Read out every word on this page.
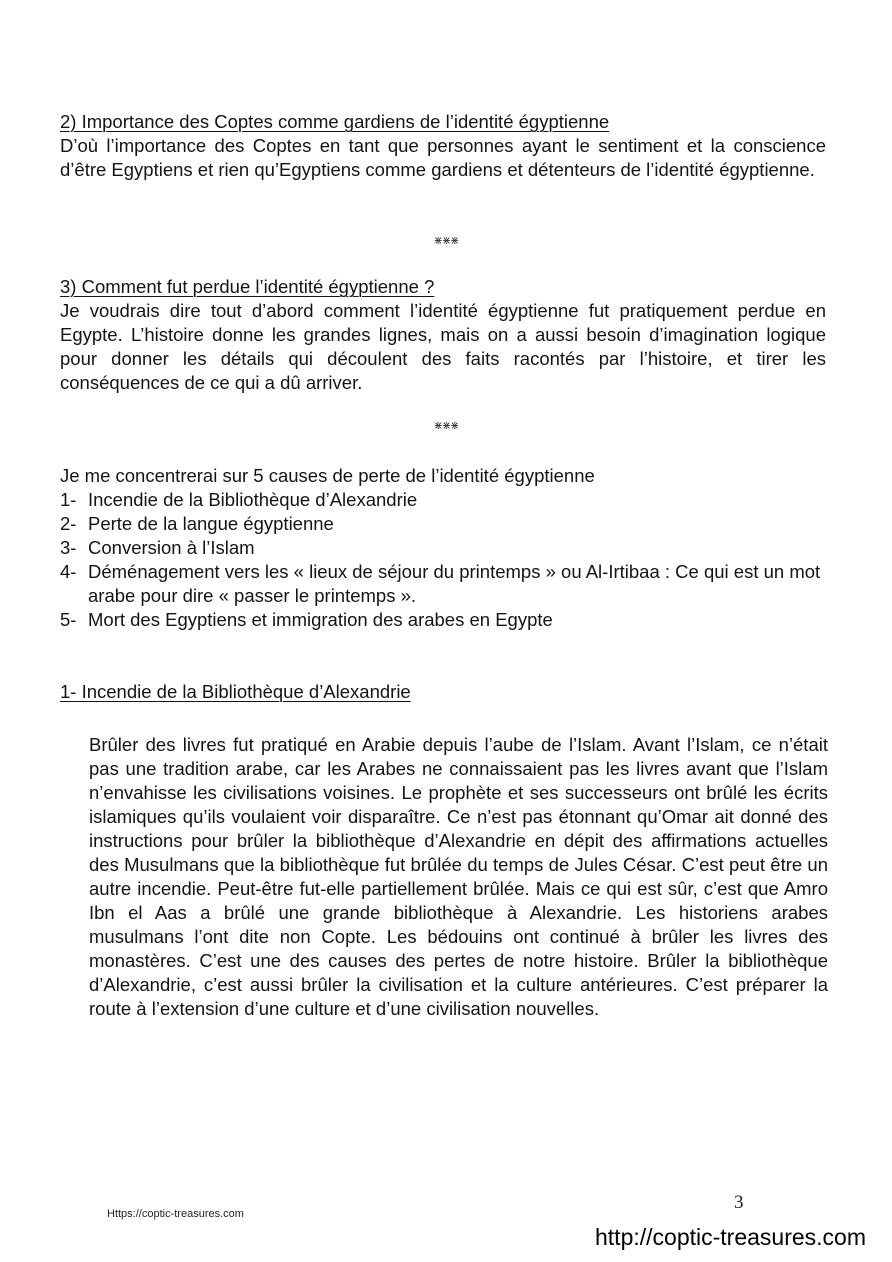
2) Importance des Coptes comme gardiens de l’identité égyptienne

D’où l’importance des Coptes en tant que personnes ayant le sentiment et la conscience d’être Egyptiens et rien qu’Egyptiens comme gardiens et détenteurs de l’identité égyptienne.

⋇⋇⋇
3) Comment fut perdue l’identité égyptienne ?

Je voudrais dire tout d’abord comment l’identité égyptienne fut pratiquement perdue en Egypte. L’histoire donne les grandes lignes, mais on a aussi besoin d’imagination logique pour donner les détails qui découlent des faits racontés par l’histoire, et tirer les conséquences de ce qui a dû arriver.

⋇⋇⋇
Je me concentrerai sur 5 causes de perte de l’identité égyptienne
1- Incendie de la Bibliothèque d’Alexandrie
2- Perte de la langue égyptienne
3- Conversion à l’Islam
4- Déménagement vers les « lieux de séjour du printemps » ou Al-Irtibaa : Ce qui est un mot arabe pour dire « passer le printemps ».
5- Mort des Egyptiens et immigration des arabes en Egypte
1- Incendie de la Bibliothèque d’Alexandrie

Brûler des livres fut pratiqué en Arabie depuis l’aube de l’Islam. Avant l’Islam, ce n’était pas une tradition arabe, car les Arabes ne connaissaient pas les livres avant que l’Islam n’envahisse les civilisations voisines. Le prophète et ses successeurs ont brûlé les écrits islamiques qu’ils voulaient voir disparaître. Ce n’est pas étonnant qu’Omar ait donné des instructions pour brûler la bibliothèque d’Alexandrie en dépit des affirmations actuelles des Musulmans que la bibliothèque fut brûlée du temps de Jules César. C’est peut être un autre incendie. Peut-être fut-elle partiellement brûlée. Mais ce qui est sûr, c’est que Amro Ibn el Aas a brûlé une grande bibliothèque à Alexandrie. Les historiens arabes musulmans l’ont dite non Copte. Les bédouins ont continué à brûler les livres des monastères. C’est une des causes des pertes de notre histoire. Brûler la bibliothèque d’Alexandrie, c’est aussi brûler la civilisation et la culture antérieures. C’est préparer la route à l’extension d’une culture et d’une civilisation nouvelles.

3
Https://coptic-treasures.com
http://coptic-treasures.com
